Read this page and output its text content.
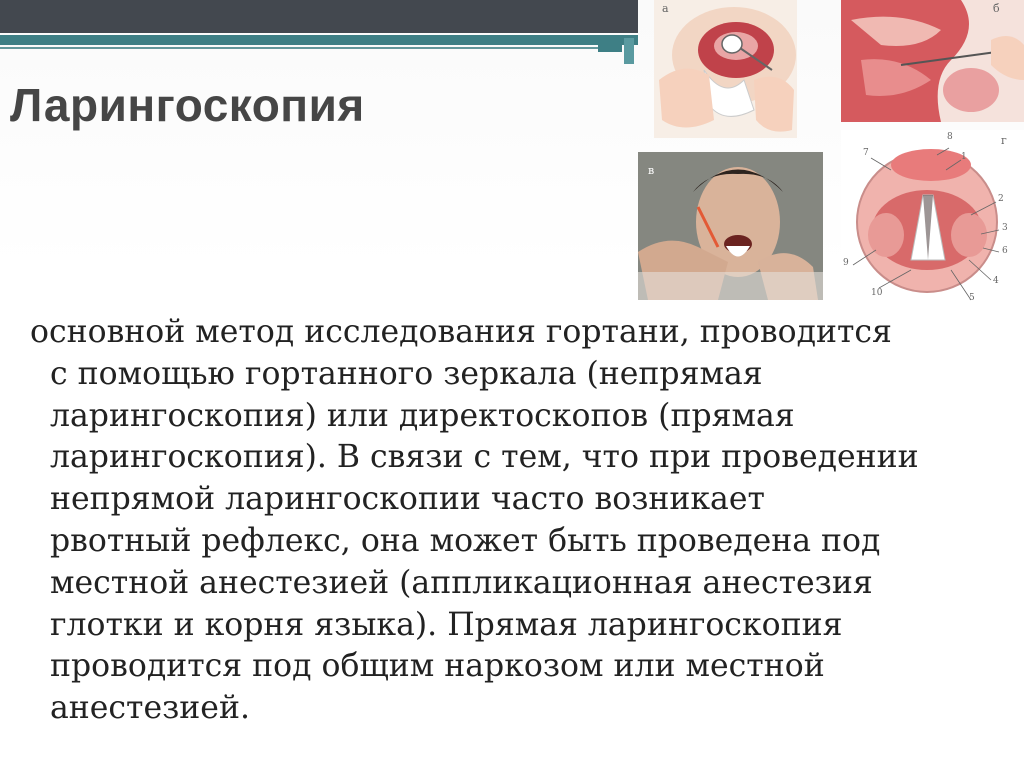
Ларингоскопия
а	б
в
г
8
7	1
2
3
6
4
5
10
9
основной метод исследования гортани, проводится
с помощью гортанного зеркала (непрямая
ларингоскопия) или директоскопов (прямая
ларингоскопия). В связи с тем, что при проведении
непрямой ларингоскопии часто возникает
рвотный рефлекс, она может быть проведена под
местной анестезией (аппликационная анестезия
глотки и корня языка). Прямая ларингоскопия
проводится под общим наркозом или местной
анестезией.
